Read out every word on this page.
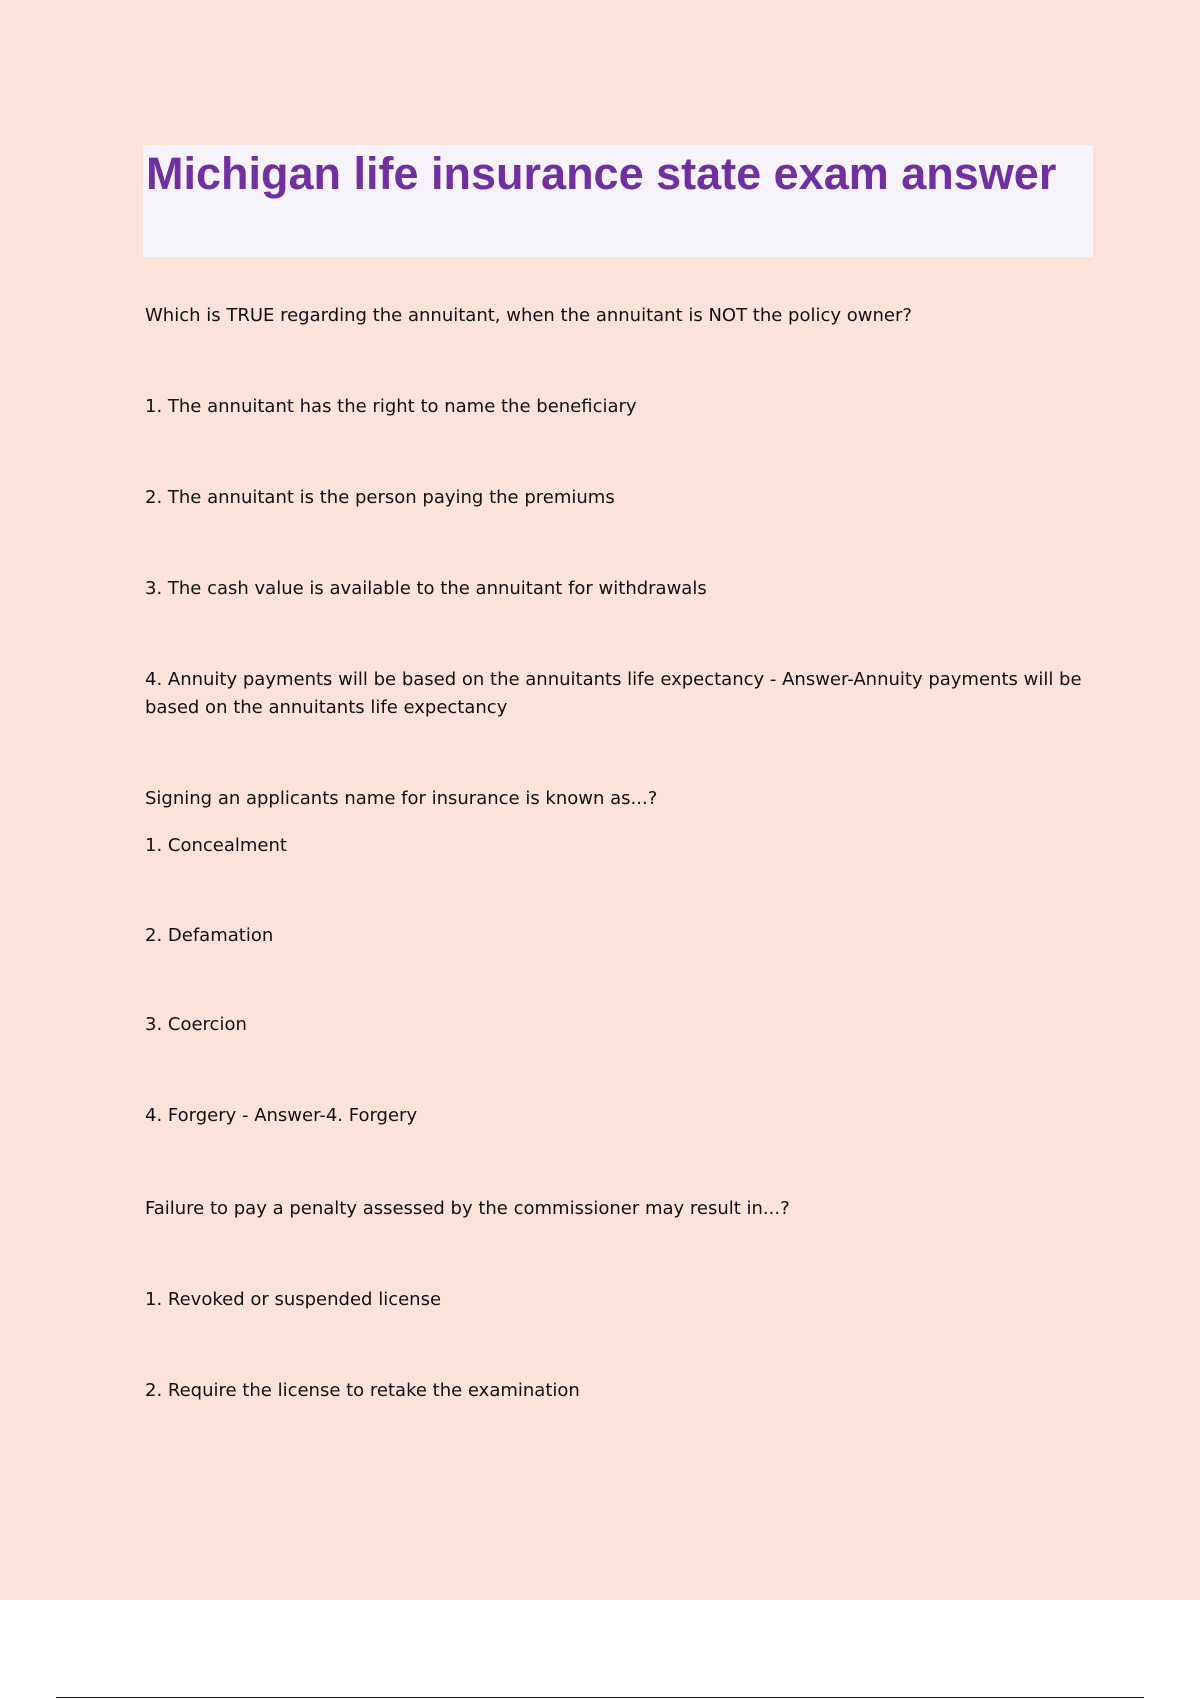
Michigan life insurance state exam answer

Which is TRUE regarding the annuitant, when the annuitant is NOT the policy owner?

1. The annuitant has the right to name the beneficiary

2. The annuitant is the person paying the premiums

3. The cash value is available to the annuitant for withdrawals

4. Annuity payments will be based on the annuitants life expectancy - Answer-Annuity payments will be based on the annuitants life expectancy

Signing an applicants name for insurance is known as...?

1. Concealment

2. Defamation

3. Coercion

4. Forgery - Answer-4. Forgery

Failure to pay a penalty assessed by the commissioner may result in...?

1. Revoked or suspended license

2. Require the license to retake the examination
